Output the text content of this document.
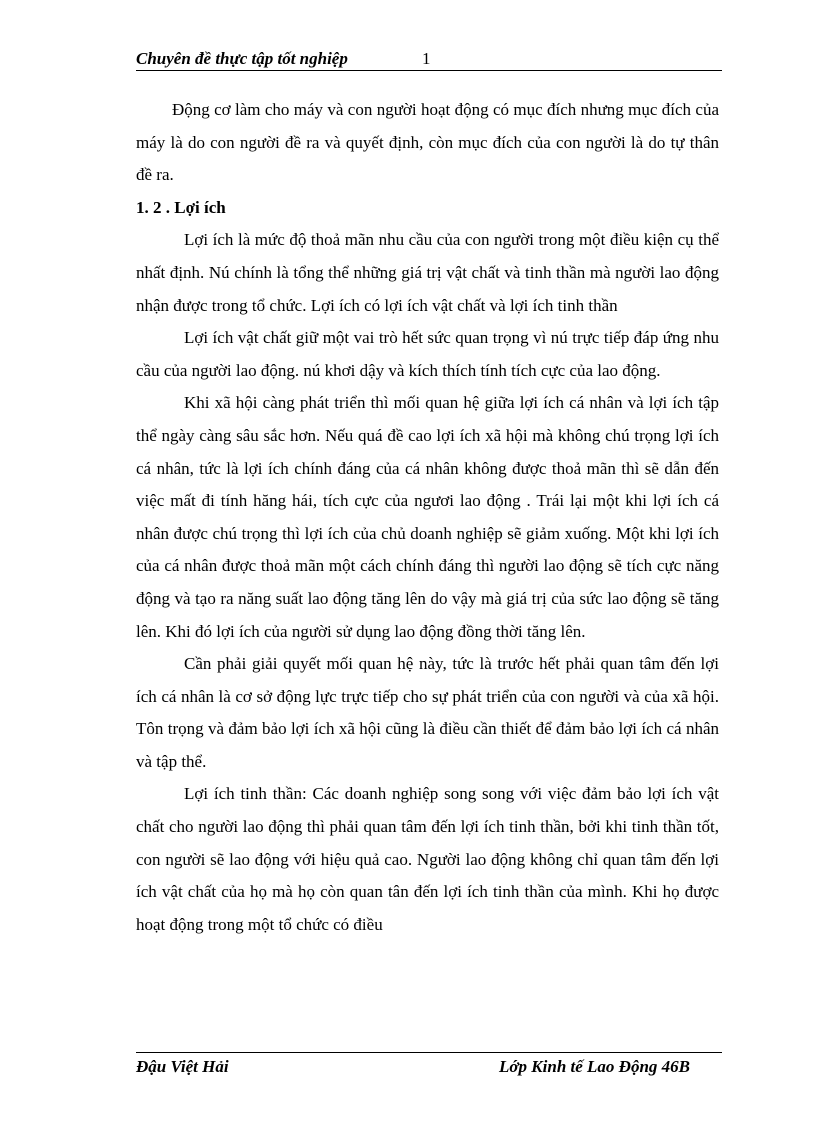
Chuyên đề thực tập tốt nghiệp	1

Động cơ làm cho máy và con người hoạt động có mục đích nhưng mục đích của máy là do con người đề ra và quyết định, còn mục đích của con người là do tự thân đề ra.

1. 2 . Lợi ích

Lợi ích là mức độ thoả mãn nhu cầu của con người trong một điều kiện cụ thể nhất định. Nú chính là tổng thể những giá trị vật chất và tinh thần mà người lao động nhận được trong tổ chức. Lợi ích có lợi ích vật chất và lợi ích tinh thần

Lợi ích vật chất giữ một vai trò hết sức quan trọng vì nú trực tiếp đáp ứng nhu cầu của người lao động. nú khơi dậy và kích thích tính tích cực của lao động.

Khi xã hội càng phát triển thì mối quan hệ giữa lợi ích cá nhân và lợi ích tập thể ngày càng sâu sắc hơn. Nếu quá đề cao lợi ích xã hội mà không chú trọng lợi ích cá nhân, tức là lợi ích chính đáng của cá nhân không được thoả mãn thì sẽ dẫn đến việc mất đi tính hăng hái, tích cực của ngươi lao động . Trái lại một khi lợi ích cá nhân được chú trọng thì lợi ích của chủ doanh nghiệp sẽ giảm xuống. Một khi lợi ích của cá nhân được thoả mãn một cách chính đáng thì người lao động sẽ tích cực năng động và tạo ra năng suất lao động tăng lên do vậy mà giá trị của sức lao động sẽ tăng lên. Khi đó lợi ích của người sử dụng lao động đồng thời tăng lên.

Cần phải giải quyết mối quan hệ này, tức là trước hết phải quan tâm đến lợi ích cá nhân là cơ sở động lực trực tiếp cho sự phát triển của con người và của xã hội. Tôn trọng và đảm bảo lợi ích xã hội cũng là điều cần thiết để đảm bảo lợi ích cá nhân và tập thể.

Lợi ích tinh thần: Các doanh nghiệp song song với việc đảm bảo lợi ích vật chất cho người lao động thì phải quan tâm đến lợi ích tinh thần, bởi khi tinh thần tốt, con người sẽ lao động với hiệu quả cao. Người lao động không chỉ quan tâm đến lợi ích vật chất của họ mà họ còn quan tân đến lợi ích tinh thần của mình. Khi họ được hoạt động trong một tổ chức có điều

Đậu Việt Hải	Lớp Kinh tế Lao Động 46B
